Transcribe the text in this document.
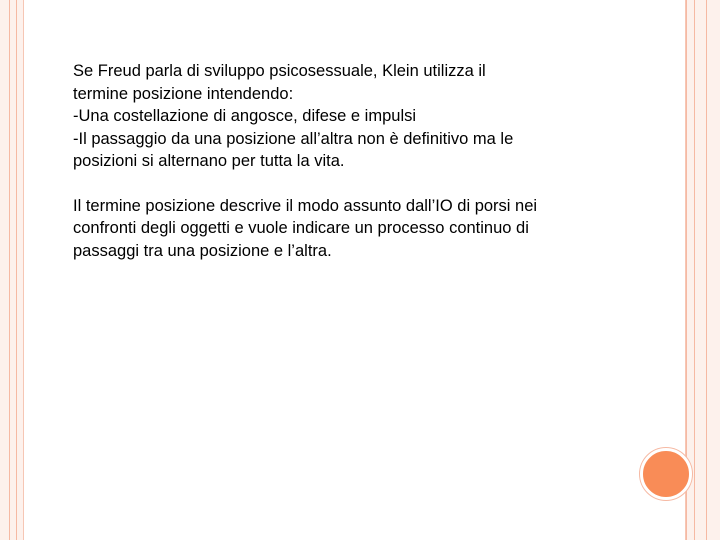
Se Freud parla di sviluppo psicosessuale, Klein utilizza il

termine posizione intendendo:

-Una costellazione di angosce, difese e impulsi

-Il passaggio da una posizione all’altra non è definitivo ma le

posizioni si alternano per tutta la vita.

Il termine posizione descrive il modo assunto dall’IO di porsi nei

confronti degli oggetti e vuole indicare un processo continuo di

passaggi tra una posizione e l’altra.
